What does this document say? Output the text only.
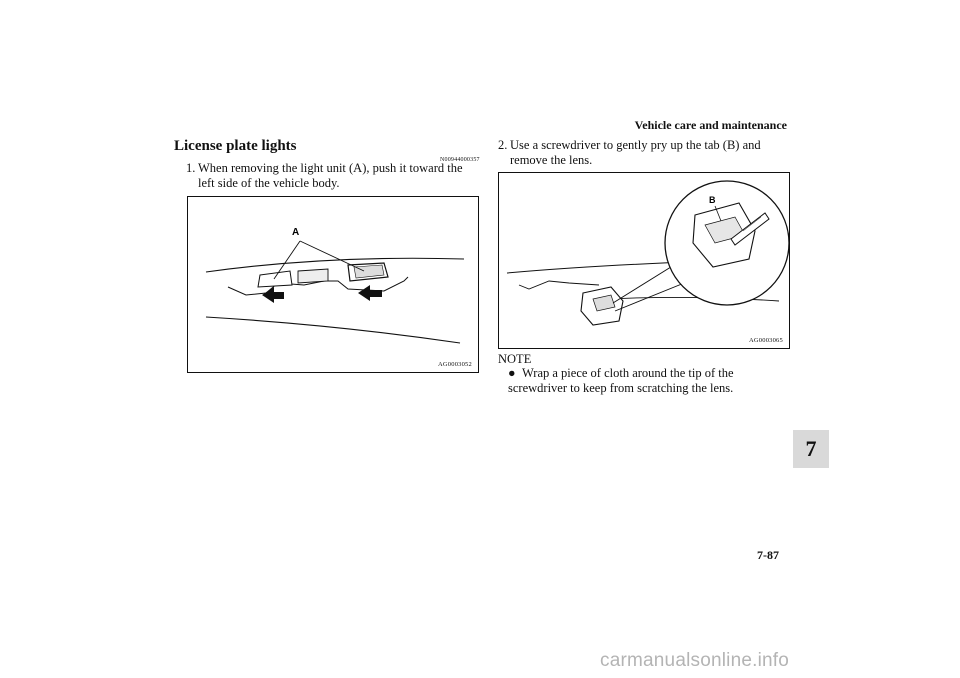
Vehicle care and maintenance
License plate lights
N00944000357
1. When removing the light unit (A), push it toward the left side of the vehicle body.
A
AG0003052
2. Use a screwdriver to gently pry up the tab (B) and remove the lens.
B
AG0003065
NOTE
● Wrap a piece of cloth around the tip of the screwdriver to keep from scratching the lens.
7
7-87
carmanualsonline.info
